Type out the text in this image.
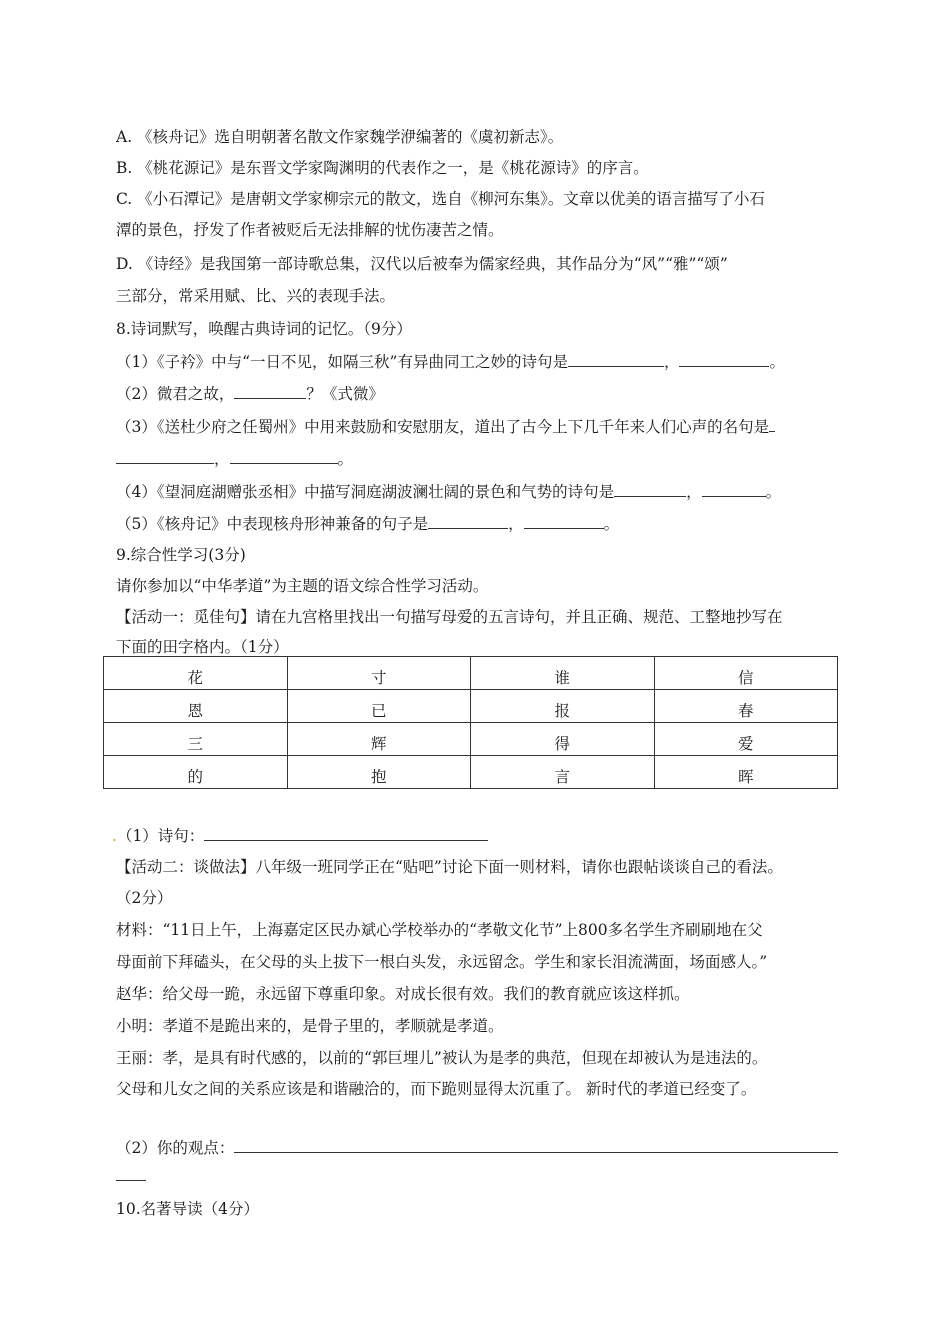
A. 《核舟记》选自明朝著名散文作家魏学洢编著的《虞初新志》。
B. 《桃花源记》是东晋文学家陶渊明的代表作之一，是《桃花源诗》的序言。
C. 《小石潭记》是唐朝文学家柳宗元的散文，选自《柳河东集》。文章以优美的语言描写了小石
潭的景色，抒发了作者被贬后无法排解的忧伤凄苦之情。
D. 《诗经》是我国第一部诗歌总集，汉代以后被奉为儒家经典，其作品分为“风”“雅”“颂”
三部分，常采用赋、比、兴的表现手法。
8.诗词默写，唤醒古典诗词的记忆。（9分）
（1）《子衿》中与“一日不见，如隔三秋”有异曲同工之妙的诗句是	，	。
（2）微君之故，	？《式微》
（3）《送杜少府之任蜀州》中用来鼓励和安慰朋友，道出了古今上下几千年来人们心声的名句是
，	。
（4）《望洞庭湖赠张丞相》中描写洞庭湖波澜壮阔的景色和气势的诗句是	，	。
（5）《核舟记》中表现核舟形神兼备的句子是	，	。
9.综合性学习(3分)
请你参加以“中华孝道”为主题的语文综合性学习活动。
【活动一：觅佳句】请在九宫格里找出一句描写母爱的五言诗句，并且正确、规范、工整地抄写在
下面的田字格内。（1分）
花	寸	谁	信
恩	已	报	春
三	辉	得	爱
的	抱	言	晖
.（1）诗句：
【活动二：谈做法】八年级一班同学正在“贴吧”讨论下面一则材料，请你也跟帖谈谈自己的看法。
（2分）
材料：“11日上午，上海嘉定区民办斌心学校举办的“孝敬文化节”上800多名学生齐刷刷地在父
母面前下拜磕头，在父母的头上拔下一根白头发，永远留念。学生和家长泪流满面，场面感人。”
赵华：给父母一跪，永远留下尊重印象。对成长很有效。我们的教育就应该这样抓。
小明：孝道不是跪出来的，是骨子里的，孝顺就是孝道。
王丽：孝，是具有时代感的，以前的“郭巨埋儿”被认为是孝的典范，但现在却被认为是违法的。
父母和儿女之间的关系应该是和谐融洽的，而下跪则显得太沉重了。 新时代的孝道已经变了。
（2）你的观点：
10.名著导读（4分）
